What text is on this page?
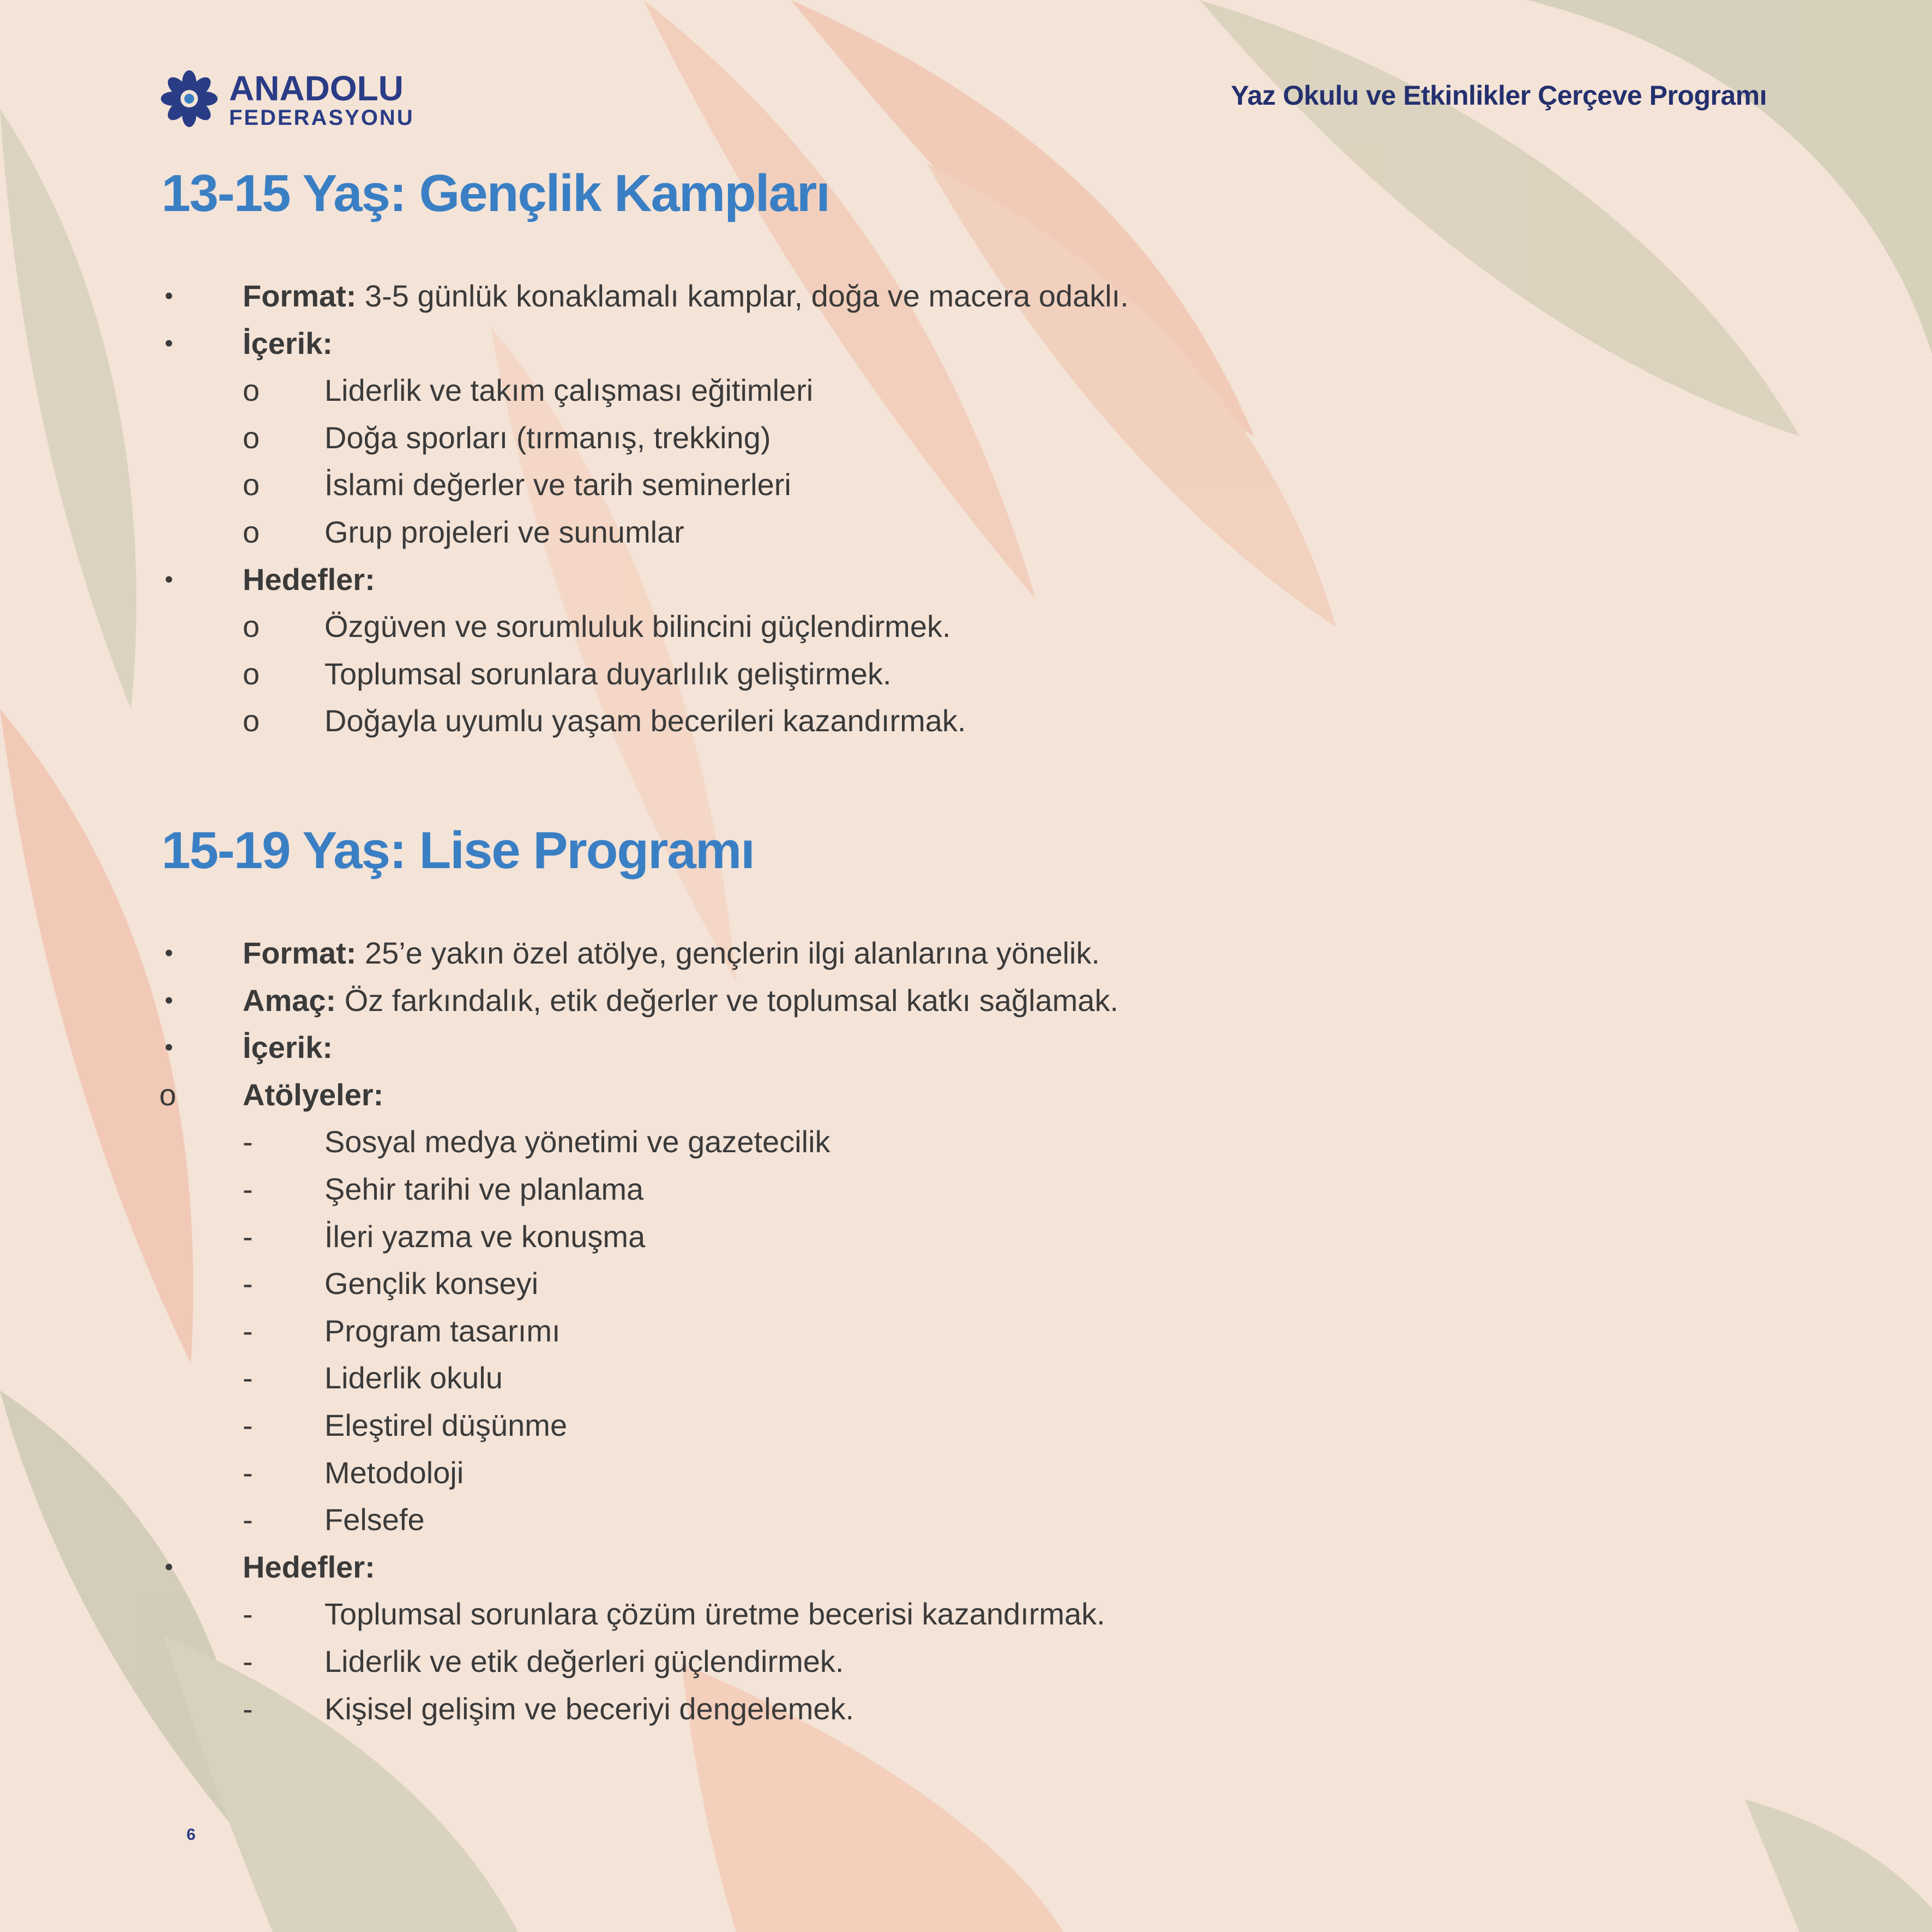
ANADOLU
FEDERASYONU
Yaz Okulu ve Etkinlikler Çerçeve Programı
13-15 Yaş: Gençlik Kampları
• Format: 3-5 günlük konaklamalı kamplar, doğa ve macera odaklı.
• İçerik:
o Liderlik ve takım çalışması eğitimleri
o Doğa sporları (tırmanış, trekking)
o İslami değerler ve tarih seminerleri
o Grup projeleri ve sunumlar
• Hedefler:
o Özgüven ve sorumluluk bilincini güçlendirmek.
o Toplumsal sorunlara duyarlılık geliştirmek.
o Doğayla uyumlu yaşam becerileri kazandırmak.
15-19 Yaş: Lise Programı
• Format: 25’e yakın özel atölye, gençlerin ilgi alanlarına yönelik.
• Amaç: Öz farkındalık, etik değerler ve toplumsal katkı sağlamak.
• İçerik:
o Atölyeler:
- Sosyal medya yönetimi ve gazetecilik
- Şehir tarihi ve planlama
- İleri yazma ve konuşma
- Gençlik konseyi
- Program tasarımı
- Liderlik okulu
- Eleştirel düşünme
- Metodoloji
- Felsefe
• Hedefler:
- Toplumsal sorunlara çözüm üretme becerisi kazandırmak.
- Liderlik ve etik değerleri güçlendirmek.
- Kişisel gelişim ve beceriyi dengelemek.
6
